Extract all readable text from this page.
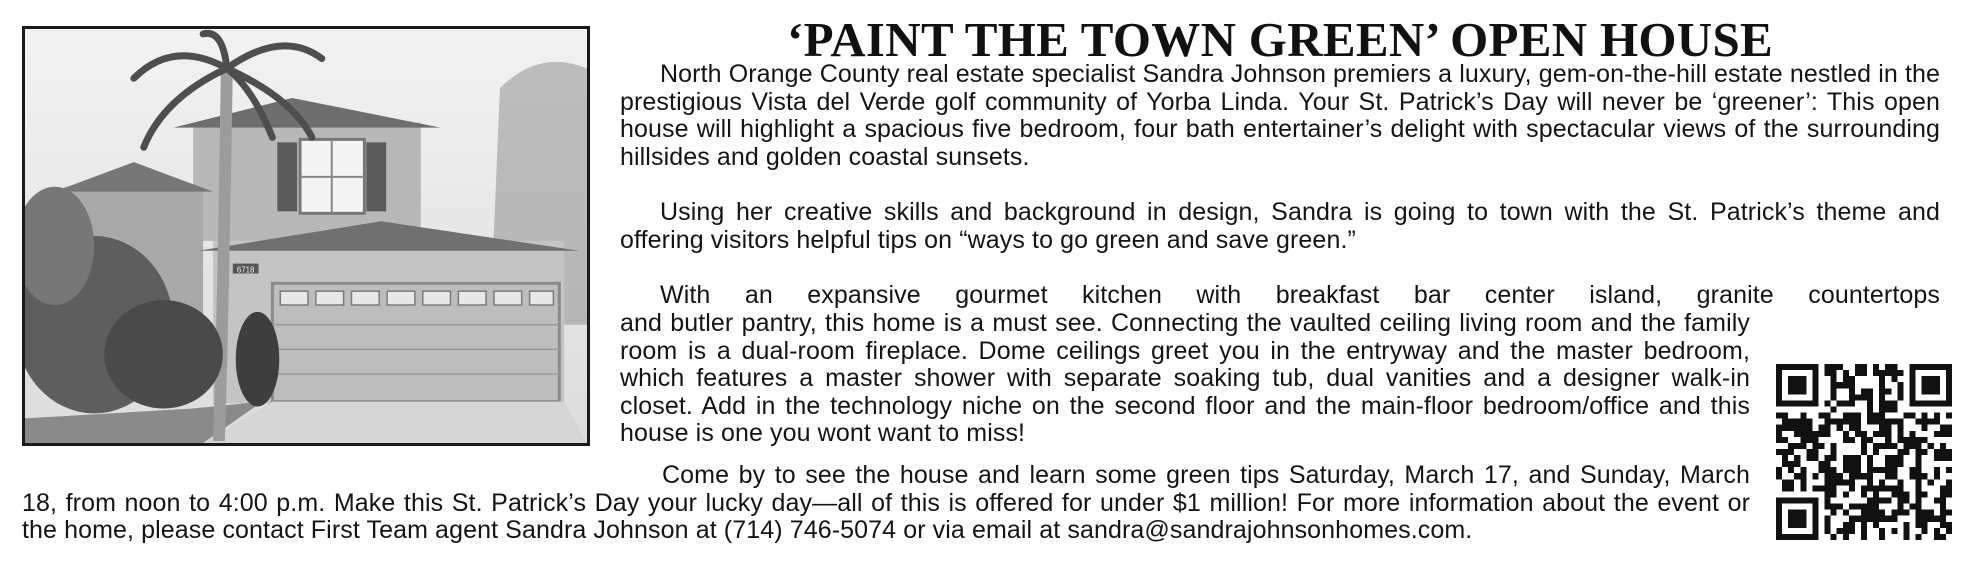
6718
‘PAINT THE TOWN GREEN’ OPEN HOUSE

North Orange County real estate specialist Sandra Johnson premiers a luxury, gem-on-the-hill estate nestled in the prestigious Vista del Verde golf community of Yorba Linda. Your St. Patrick’s Day will never be ‘greener’: This open house will highlight a spacious five bedroom, four bath entertainer’s delight with spectacular views of the surrounding hillsides and golden coastal sunsets.

Using her creative skills and background in design, Sandra is going to town with the St. Patrick’s theme and offering visitors helpful tips on “ways to go green and save green.”

With an expansive gourmet kitchen with breakfast bar center island, granite countertops

and butler pantry, this home is a must see. Connecting the vaulted ceiling living room and the family room is a dual-room fireplace. Dome ceilings greet you in the entryway and the master bedroom, which features a master shower with separate soaking tub, dual vanities and a designer walk-in closet. Add in the technology niche on the second floor and the main-floor bedroom/office and this house is one you wont want to miss!

Come by to see the house and learn some green tips Saturday, March 17, and Sunday, March 18, from noon to 4:00 p.m. Make this St. Patrick’s Day your lucky day—all of this is offered for under $1 million! For more information about the event or the home, please contact First Team agent Sandra Johnson at (714) 746-5074 or via email at sandra@sandrajohnsonhomes.com.
